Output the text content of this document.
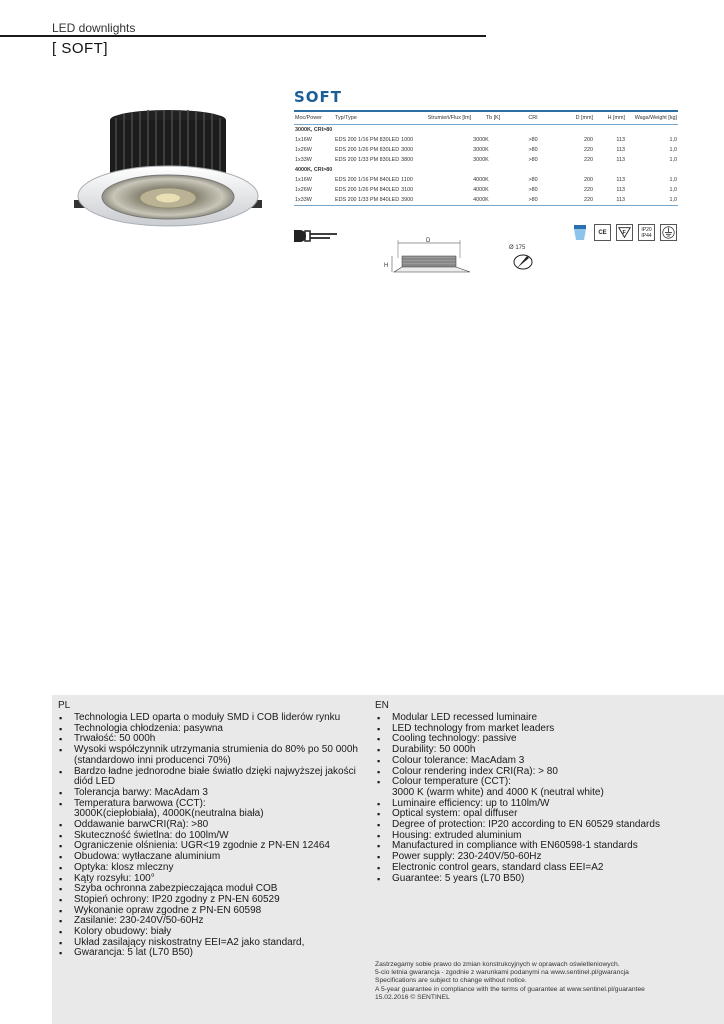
LED downlights
[ SOFT]
SOFT
Moc/Power	Typ/Type	Strumień/Flux [lm]	Tb [K]	CRI	D [mm]	H [mm]	Waga/Weight [kg]
3000K, CRI>80							
1x16W	EDS 200 1/16 PM 830LED	1000	3000K	>80	200	113	1,0
1x26W	EDS 200 1/26 PM 830LED	3000	3000K	>80	220	113	1,0
1x33W	EDS 200 1/33 PM 830LED	3800	3000K	>80	220	113	1,0
4000K, CRI>80							
1x16W	EDS 200 1/16 PM 840LED	1100	4000K	>80	200	113	1,0
1x26W	EDS 200 1/26 PM 840LED	3100	4000K	>80	220	113	1,0
1x33W	EDS 200 1/33 PM 840LED	3900	4000K	>80	220	113	1,0
D
H
Ø 175
CE	F
IP20
IP44
PL
▪ Technologia LED oparta o moduły SMD i COB liderów rynku
▪ Technologia chłodzenia: pasywna
▪ Trwałość: 50 000h
▪ Wysoki współczynnik utrzymania strumienia do 80% po 50 000h
(standardowo inni producenci 70%)
▪ Bardzo ładne jednorodne białe światło dzięki najwyższej jakości
diód LED
▪ Tolerancja barwy: MacAdam 3
▪ Temperatura barwowa (CCT):
3000K(ciepłobiała), 4000K(neutralna biała)
▪ Oddawanie barwCRI(Ra): >80
▪ Skuteczność świetlna: do 100lm/W
▪ Ograniczenie olśnienia: UGR<19 zgodnie z PN-EN 12464
▪ Obudowa: wytłaczane aluminium
▪ Optyka: klosz mleczny
▪ Kąty rozsyłu: 100°
▪ Szyba ochronna zabezpieczająca moduł COB
▪ Stopień ochrony: IP20 zgodny z PN-EN 60529
▪ Wykonanie opraw zgodne z PN-EN 60598
▪ Zasilanie: 230-240V/50-60Hz
▪ Kolory obudowy: biały
▪ Układ zasilający niskostratny EEI=A2 jako standard,
▪ Gwarancja: 5 lat (L70 B50)
EN
▪ Modular LED recessed luminaire
▪ LED technology from market leaders
▪ Cooling technology: passive
▪ Durability: 50 000h
▪ Colour tolerance: MacAdam 3
▪ Colour rendering index CRI(Ra): > 80
▪ Colour temperature (CCT):
3000 K (warm white) and 4000 K (neutral white)
▪ Luminaire efficiency: up to 110lm/W
▪ Optical system: opal diffuser
▪ Degree of protection: IP20 according to EN 60529 standards
▪ Housing: extruded aluminium
▪ Manufactured in compliance with EN60598-1 standards
▪ Power supply: 230-240V/50-60Hz
▪ Electronic control gears, standard class EEI=A2
▪ Guarantee: 5 years (L70 B50)
Zastrzegamy sobie prawo do zmian konstrukcyjnych w oprawach oświetleniowych.
5-cio letnia gwarancja - zgodnie z warunkami podanymi na www.sentinel.pl/gwarancja
Specifications are subject to change without notice.
A 5-year guarantee in compliance with the terms of guarantee at www.sentinel.pl/guarantee
15.02.2016 © SENTINEL
